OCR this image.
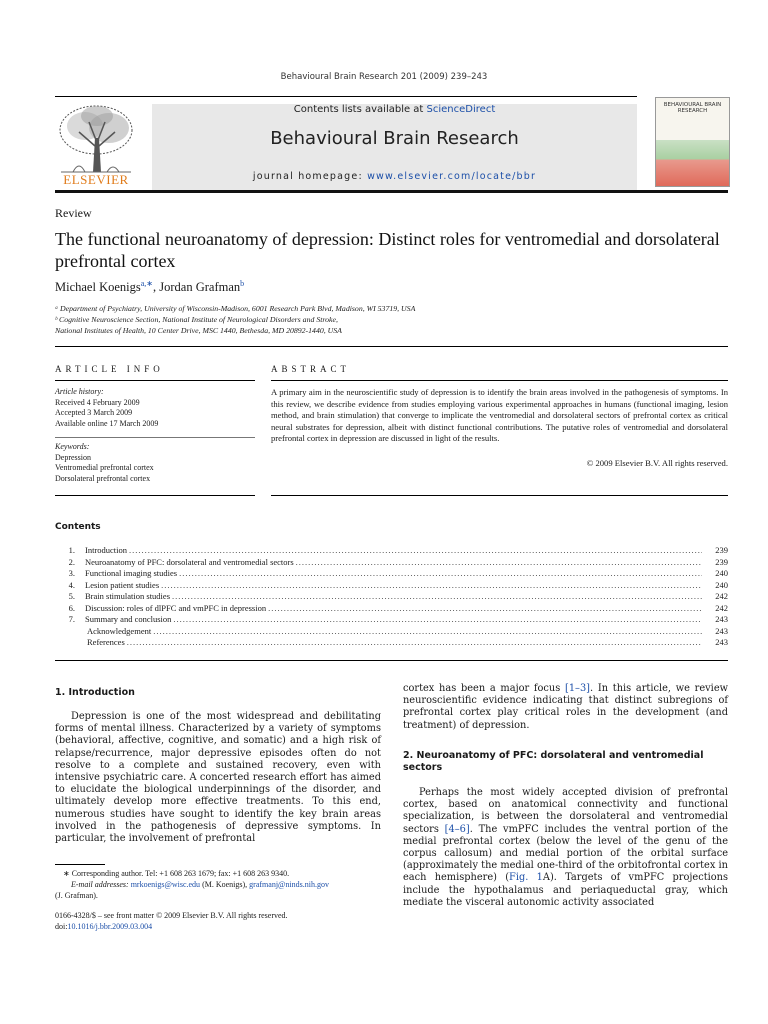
Behavioural Brain Research 201 (2009) 239–243
ELSEVIER
Contents lists available at ScienceDirect
Behavioural Brain Research
journal homepage: www.elsevier.com/locate/bbr
BEHAVIOURAL BRAIN RESEARCH
Review
The functional neuroanatomy of depression: Distinct roles for ventromedial and dorsolateral prefrontal cortex
Michael Koenigs$^{a,∗}$, Jordan Grafman$^b$
ᵃ Department of Psychiatry, University of Wisconsin-Madison, 6001 Research Park Blvd, Madison, WI 53719, USA
ᵇ Cognitive Neuroscience Section, National Institute of Neurological Disorders and Stroke,
National Institutes of Health, 10 Center Drive, MSC 1440, Bethesda, MD 20892-1440, USA
ARTICLE INFO	ABSTRACT
Article history:
Received 4 February 2009
Accepted 3 March 2009
Available online 17 March 2009
Keywords:
Depression
Ventromedial prefrontal cortex
Dorsolateral prefrontal cortex
A primary aim in the neuroscientific study of depression is to identify the brain areas involved in the pathogenesis of symptoms. In this review, we describe evidence from studies employing various experimental approaches in humans (functional imaging, lesion method, and brain stimulation) that converge to implicate the ventromedial and dorsolateral sectors of prefrontal cortex as critical neural substrates for depression, albeit with distinct functional contributions. The putative roles of ventromedial and dorsolateral prefrontal cortex in depression are discussed in light of the results.
© 2009 Elsevier B.V. All rights reserved.
Contents
1.	Introduction .....	239
2.	Neuroanatomy of PFC: dorsolateral and ventromedial sectors .....	239
3.	Functional imaging studies .....	240
4.	Lesion patient studies .....	240
5.	Brain stimulation studies .....	242
6.	Discussion: roles of dlPFC and vmPFC in depression .....	242
7.	Summary and conclusion .....	243
Acknowledgement .....	243
References .....	243
1. Introduction
Depression is one of the most widespread and debilitating forms of mental illness. Characterized by a variety of symptoms (behavioral, affective, cognitive, and somatic) and a high risk of relapse/recurrence, major depressive episodes often do not resolve to a complete and sustained recovery, even with intensive psychiatric care. A concerted research effort has aimed to elucidate the biological underpinnings of the disorder, and ultimately develop more effective treatments. To this end, numerous studies have sought to identify the key brain areas involved in the pathogenesis of depressive symptoms. In particular, the involvement of prefrontal
cortex has been a major focus [1–3]. In this article, we review neuroscientific evidence indicating that distinct subregions of prefrontal cortex play critical roles in the development (and treatment) of depression.
2. Neuroanatomy of PFC: dorsolateral and ventromedial sectors
Perhaps the most widely accepted division of prefrontal cortex, based on anatomical connectivity and functional specialization, is between the dorsolateral and ventromedial sectors [4–6]. The vmPFC includes the ventral portion of the medial prefrontal cortex (below the level of the genu of the corpus callosum) and medial portion of the orbital surface (approximately the medial one-third of the orbitofrontal cortex in each hemisphere) (Fig. 1A). Targets of vmPFC projections include the hypothalamus and periaqueductal gray, which mediate the visceral autonomic activity associated
∗ Corresponding author. Tel: +1 608 263 1679; fax: +1 608 263 9340.
E-mail addresses: mrkoenigs@wisc.edu (M. Koenigs), grafmanj@ninds.nih.gov
(J. Grafman).
0166-4328/$ – see front matter © 2009 Elsevier B.V. All rights reserved.
doi:10.1016/j.bbr.2009.03.004
